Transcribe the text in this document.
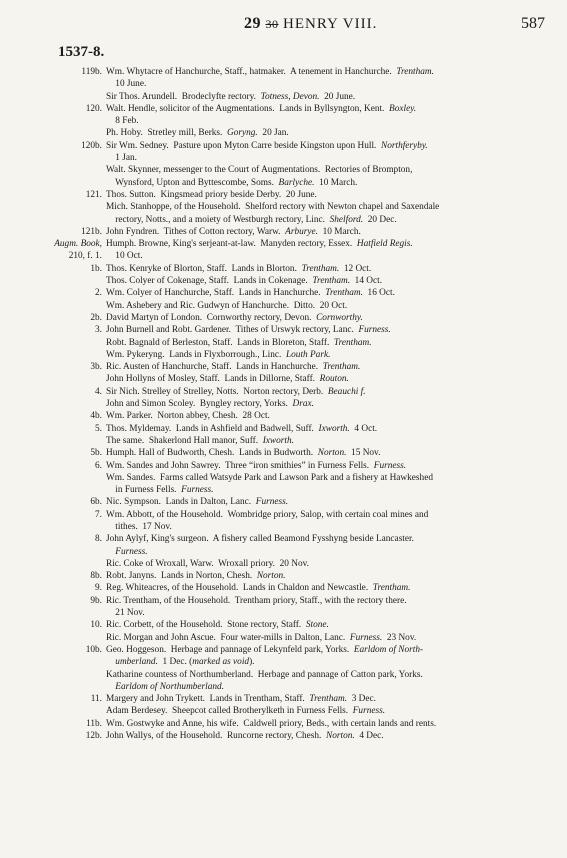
29 30 HENRY VIII.	587
1537-8.
119b. Wm. Whytacre of Hanchurche, Staff., hatmaker.  A tenement in Hanchurche.  Trentham.
10 June.
Sir Thos. Arundell.  Brodeclyfte rectory.  Totness, Devon.  20 June.
120. Walt. Hendle, solicitor of the Augmentations.  Lands in Byllsyngton, Kent.  Boxley.
8 Feb.
Ph. Hoby.  Stretley mill, Berks.  Goryng.  20 Jan.
120b. Sir Wm. Sedney.  Pasture upon Myton Carre beside Kingston upon Hull.  Northferyby.
1 Jan.
Walt. Skynner, messenger to the Court of Augmentations.  Rectories of Brompton,
Wynsford, Upton and Byttescombe, Soms.  Barlyche.  10 March.
121. Thos. Sutton.  Kingsmead priory beside Derby.  20 June.
Mich. Stanhoppe, of the Household.  Shelford rectory with Newton chapel and Saxendale
rectory, Notts., and a moiety of Westburgh rectory, Linc.  Shelford.  20 Dec.
121b. John Fyndren.  Tithes of Cotton rectory, Warw.  Arburye.  10 March.
Augm. Book, Humph. Browne, King's serjeant-at-law.  Manyden rectory, Essex.  Hatfield Regis.
210, f. 1. 10 Oct.
1b. Thos. Kenryke of Blorton, Staff.  Lands in Blorton.  Trentham.  12 Oct.
Thos. Colyer of Cokenage, Staff.  Lands in Cokenage.  Trentham.  14 Oct.
2. Wm. Colyer of Hanchurche, Staff.  Lands in Hanchurche.  Trentham.  16 Oct.
Wm. Ashebery and Ric. Gudwyn of Hanchurche.  Ditto.  20 Oct.
2b. David Martyn of London.  Cornworthy rectory, Devon.  Cornworthy.
3. John Burnell and Robt. Gardener.  Tithes of Urswyk rectory, Lanc.  Furness.
Robt. Bagnald of Berleston, Staff.  Lands in Bloreton, Staff.  Trentham.
Wm. Pykeryng.  Lands in Flyxborrough., Linc.  Louth Park.
3b. Ric. Austen of Hanchurche, Staff.  Lands in Hanchurche.  Trentham.
John Hollyns of Mosley, Staff.  Lands in Dillorne, Staff.  Routon.
4. Sir Nich. Strelley of Strelley, Notts.  Norton rectory, Derb.  Beauchi f.
John and Simon Scoley.  Byngley rectory, Yorks.  Drax.
4b. Wm. Parker.  Norton abbey, Chesh.  28 Oct.
5. Thos. Myldemay.  Lands in Ashfield and Badwell, Suff.  Ixworth.  4 Oct.
The same.  Shakerlond Hall manor, Suff.  Ixworth.
5b. Humph. Hall of Budworth, Chesh.  Lands in Budworth.  Norton.  15 Nov.
6. Wm. Sandes and John Sawrey.  Three “iron smithies” in Furness Fells.  Furness.
Wm. Sandes.  Farms called Watsyde Park and Lawson Park and a fishery at Hawkeshed
in Furness Fells.  Furness.
6b. Nic. Sympson.  Lands in Dalton, Lanc.  Furness.
7. Wm. Abbott, of the Household.  Wombridge priory, Salop, with certain coal mines and
tithes.  17 Nov.
8. John Aylyf, King's surgeon.  A fishery called Beamond Fysshyng beside Lancaster.
Furness.
Ric. Coke of Wroxall, Warw.  Wroxall priory.  20 Nov.
8b. Robt. Janyns.  Lands in Norton, Chesh.  Norton.
9. Reg. Whiteacres, of the Household.  Lands in Chaldon and Newcastle.  Trentham.
9b. Ric. Trentham, of the Household.  Trentham priory, Staff., with the rectory there.
21 Nov.
10. Ric. Corbett, of the Household.  Stone rectory, Staff.  Stone.
Ric. Morgan and John Ascue.  Four water-mills in Dalton, Lanc.  Furness.  23 Nov.
10b. Geo. Hoggeson.  Herbage and pannage of Lekynfeld park, Yorks.  Earldom of North-
umberland.  1 Dec. (marked as void).
Katharine countess of Northumberland.  Herbage and pannage of Catton park, Yorks.
Earldom of Northumberland.
11. Margery and John Trykett.  Lands in Trentham, Staff.  Trentham.  3 Dec.
Adam Berdesey.  Sheepcot called Brotherylketh in Furness Fells.  Furness.
11b. Wm. Gostwyke and Anne, his wife.  Caldwell priory, Beds., with certain lands and rents.
12b. John Wallys, of the Household.  Runcorne rectory, Chesh.  Norton.  4 Dec.
